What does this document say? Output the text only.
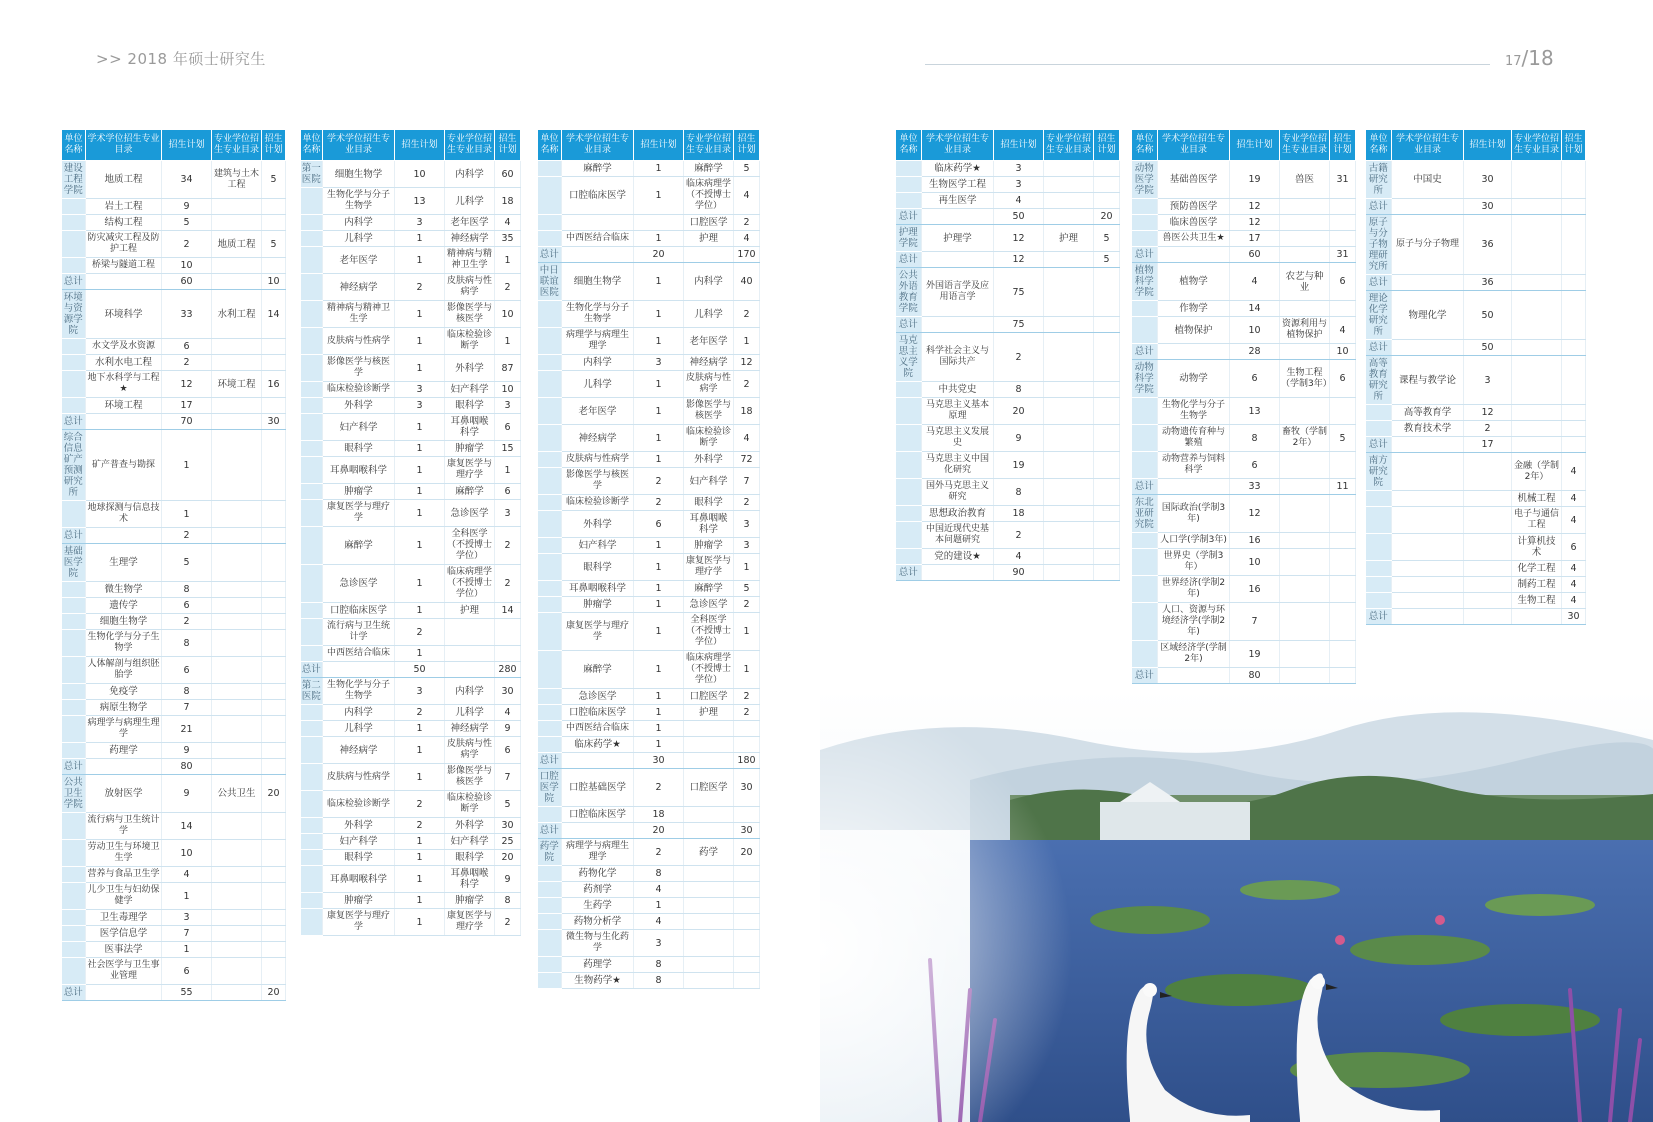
>> 2018 年硕士研究生	17/18
单位名称	学术学位招生专业目录	招生计划	专业学位招生专业目录	招生计划
建设工程学院	地质工程	34	建筑与土木工程	5
	岩土工程	9		
	结构工程	5		
	防灾减灾工程及防护工程	2	地质工程	5
	桥梁与隧道工程	10		
总计		60		10
环境与资源学院	环境科学	33	水利工程	14
	水文学及水资源	6		
	水利水电工程	2		
	地下水科学与工程★	12	环境工程	16
	环境工程	17		
总计		70		30
综合信息矿产预测研究所	矿产普查与勘探	1		
	地球探测与信息技术	1		
总计		2		
基础医学院	生理学	5		
	微生物学	8		
	遗传学	6		
	细胞生物学	2		
	生物化学与分子生物学	8		
	人体解剖与组织胚胎学	6		
	免疫学	8		
	病原生物学	7		
	病理学与病理生理学	21		
	药理学	9		
总计		80		
公共卫生学院	放射医学	9	公共卫生	20
	流行病与卫生统计学	14		
	劳动卫生与环境卫生学	10		
	营养与食品卫生学	4		
	儿少卫生与妇幼保健学	1		
	卫生毒理学	3		
	医学信息学	7		
	医事法学	1		
	社会医学与卫生事业管理	6		
总计		55		20
单位名称	学术学位招生专业目录	招生计划	专业学位招生专业目录	招生计划
第一医院	细胞生物学	10	内科学	60
	生物化学与分子生物学	13	儿科学	18
	内科学	3	老年医学	4
	儿科学	1	神经病学	35
	老年医学	1	精神病与精神卫生学	1
	神经病学	2	皮肤病与性病学	2
	精神病与精神卫生学	1	影像医学与核医学	10
	皮肤病与性病学	1	临床检验诊断学	1
	影像医学与核医学	1	外科学	87
	临床检验诊断学	3	妇产科学	10
	外科学	3	眼科学	3
	妇产科学	1	耳鼻咽喉科学	6
	眼科学	1	肿瘤学	15
	耳鼻咽喉科学	1	康复医学与理疗学	1
	肿瘤学	1	麻醉学	6
	康复医学与理疗学	1	急诊医学	3
	麻醉学	1	全科医学（不授博士学位）	2
	急诊医学	1	临床病理学（不授博士学位）	2
	口腔临床医学	1	护理	14
	流行病与卫生统计学	2		
	中西医结合临床	1		
总计		50		280
第二医院	生物化学与分子生物学	3	内科学	30
	内科学	2	儿科学	4
	儿科学	1	神经病学	9
	神经病学	1	皮肤病与性病学	6
	皮肤病与性病学	1	影像医学与核医学	7
	临床检验诊断学	2	临床检验诊断学	5
	外科学	2	外科学	30
	妇产科学	1	妇产科学	25
	眼科学	1	眼科学	20
	耳鼻咽喉科学	1	耳鼻咽喉科学	9
	肿瘤学	1	肿瘤学	8
	康复医学与理疗学	1	康复医学与理疗学	2
单位名称	学术学位招生专业目录	招生计划	专业学位招生专业目录	招生计划
	麻醉学	1	麻醉学	5
	口腔临床医学	1	临床病理学（不授博士学位）	4
			口腔医学	2
	中西医结合临床	1	护理	4
总计		20		170
中日联谊医院	细胞生物学	1	内科学	40
	生物化学与分子生物学	1	儿科学	2
	病理学与病理生理学	1	老年医学	1
	内科学	3	神经病学	12
	儿科学	1	皮肤病与性病学	2
	老年医学	1	影像医学与核医学	18
	神经病学	1	临床检验诊断学	4
	皮肤病与性病学	1	外科学	72
	影像医学与核医学	2	妇产科学	7
	临床检验诊断学	2	眼科学	2
	外科学	6	耳鼻咽喉科学	3
	妇产科学	1	肿瘤学	3
	眼科学	1	康复医学与理疗学	1
	耳鼻咽喉科学	1	麻醉学	5
	肿瘤学	1	急诊医学	2
	康复医学与理疗学	1	全科医学（不授博士学位）	1
	麻醉学	1	临床病理学（不授博士学位）	1
	急诊医学	1	口腔医学	2
	口腔临床医学	1	护理	2
	中西医结合临床	1		
	临床药学★	1		
总计		30		180
口腔医学院	口腔基础医学	2	口腔医学	30
	口腔临床医学	18		
总计		20		30
药学院	病理学与病理生理学	2	药学	20
	药物化学	8		
	药剂学	4		
	生药学	1		
	药物分析学	4		
	微生物与生化药学	3		
	药理学	8		
	生物药学★	8		
单位名称	学术学位招生专业目录	招生计划	专业学位招生专业目录	招生计划
	临床药学★	3		
	生物医学工程	3		
	再生医学	4		
总计		50		20
护理学院	护理学	12	护理	5
总计		12		5
公共外语教育学院	外国语言学及应用语言学	75		
总计		75		
马克思主义学院	科学社会主义与国际共产	2		
	中共党史	8		
	马克思主义基本原理	20		
	马克思主义发展史	9		
	马克思主义中国化研究	19		
	国外马克思主义研究	8		
	思想政治教育	18		
	中国近现代史基本问题研究	2		
	党的建设★	4		
总计		90		
单位名称	学术学位招生专业目录	招生计划	专业学位招生专业目录	招生计划
动物医学学院	基础兽医学	19	兽医	31
	预防兽医学	12		
	临床兽医学	12		
	兽医公共卫生★	17		
总计		60		31
植物科学学院	植物学	4	农艺与种业	6
	作物学	14		
	植物保护	10	资源利用与植物保护	4
总计		28		10
动物科学学院	动物学	6	生物工程（学制3年）	6
	生物化学与分子生物学	13		
	动物遗传育种与繁殖	8	畜牧（学制2年）	5
	动物营养与饲料科学	6		
总计		33		11
东北亚研究院	国际政治(学制3年)	12		
	人口学(学制3年)	16		
	世界史（学制3年）	10		
	世界经济(学制2年)	16		
	人口、资源与环境经济学(学制2年)	7		
	区域经济学(学制2年)	19		
总计		80		
单位名称	学术学位招生专业目录	招生计划	专业学位招生专业目录	招生计划
古籍研究所	中国史	30		
总计		30		
原子与分子物理研究所	原子与分子物理	36		
总计		36		
理论化学研究所	物理化学	50		
总计		50		
高等教育研究所	课程与教学论	3		
	高等教育学	12		
	教育技术学	2		
总计		17		
南方研究院			金融（学制2年）	4
			机械工程	4
			电子与通信工程	4
			计算机技术	6
			化学工程	4
			制药工程	4
			生物工程	4
总计				30
